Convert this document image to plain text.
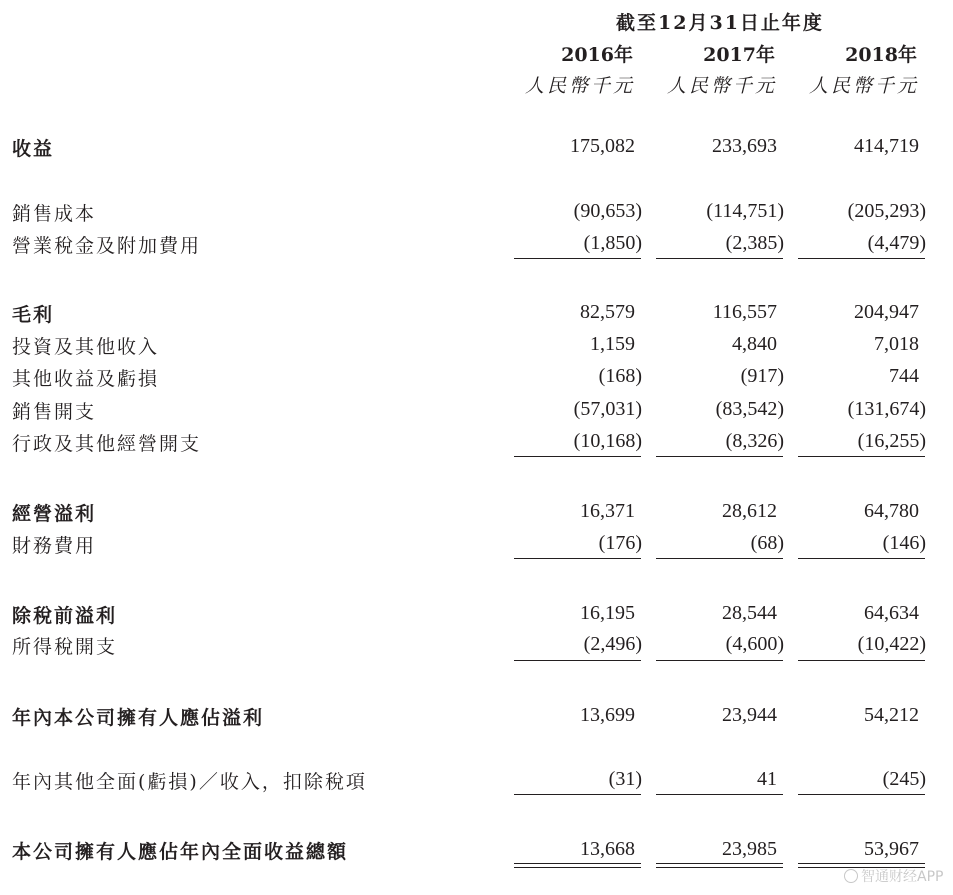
截至12月31日止年度
2016年	2017年	2018年
人民幣千元	人民幣千元	人民幣千元
收益	175,082	233,693	414,719
銷售成本	(90,653)	(114,751)	(205,293)
營業稅金及附加費用	(1,850)	(2,385)	(4,479)
毛利	82,579	116,557	204,947
投資及其他收入	1,159	4,840	7,018
其他收益及虧損	(168)	(917)	744
銷售開支	(57,031)	(83,542)	(131,674)
行政及其他經營開支	(10,168)	(8,326)	(16,255)
經營溢利	16,371	28,612	64,780
財務費用	(176)	(68)	(146)
除稅前溢利	16,195	28,544	64,634
所得稅開支	(2,496)	(4,600)	(10,422)
年內本公司擁有人應佔溢利	13,699	23,944	54,212
年內其他全面(虧損)／收入，扣除稅項	(31)	41	(245)
本公司擁有人應佔年內全面收益總額	13,668	23,985	53,967
智通财经APP
